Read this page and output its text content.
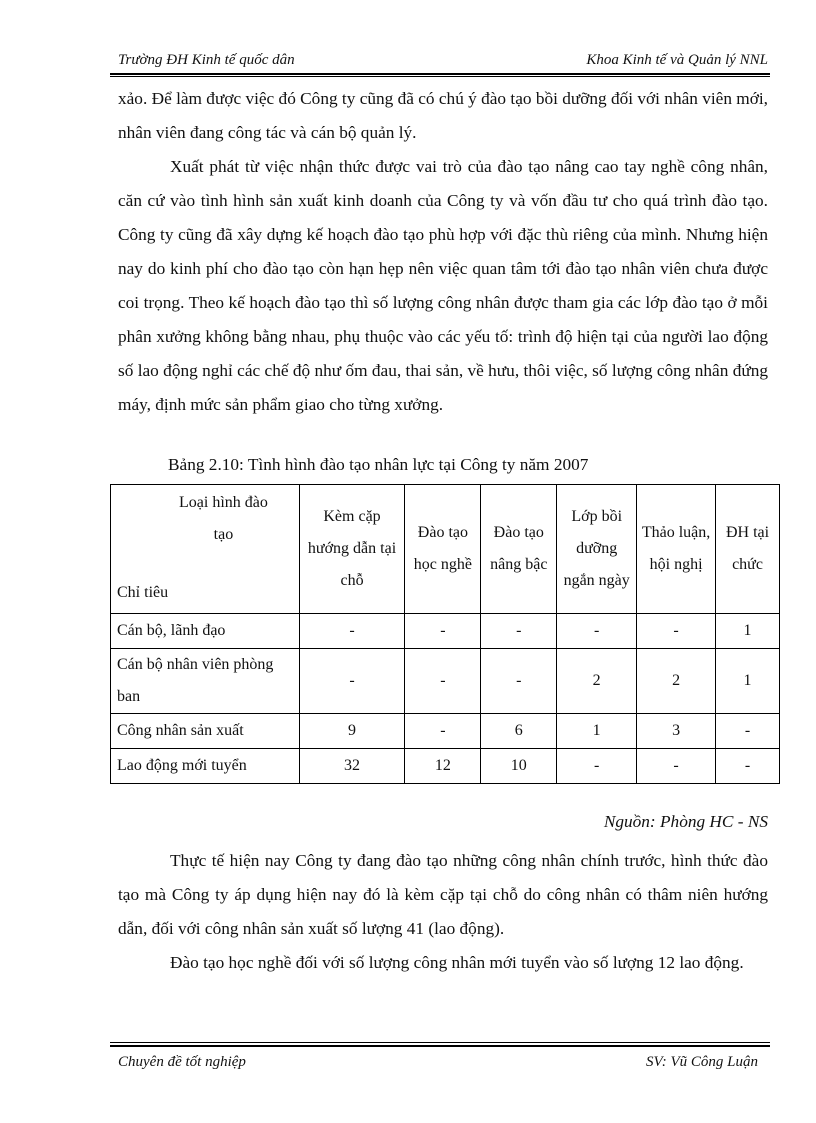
Trường ĐH Kinh tế quốc dân	Khoa Kinh tế và Quản lý NNL

xảo. Để làm được việc đó Công ty cũng đã có chú ý đào tạo bồi dưỡng đối với nhân viên mới, nhân viên đang công tác và cán bộ quản lý.

Xuất phát từ việc nhận thức được vai trò của đào tạo nâng cao tay nghề công nhân, căn cứ vào tình hình sản xuất kinh doanh của Công ty và vốn đầu tư cho quá trình đào tạo. Công ty cũng đã xây dựng kế hoạch đào tạo phù hợp với đặc thù riêng của mình. Nhưng hiện nay do kinh phí cho đào tạo còn hạn hẹp nên việc quan tâm tới đào tạo nhân viên chưa được coi trọng. Theo kế hoạch đào tạo thì số lượng công nhân được tham gia các lớp đào tạo ở mỗi phân xưởng không bằng nhau, phụ thuộc vào các yếu tố: trình độ hiện tại của người lao động số lao động nghỉ các chế độ như ốm đau, thai sản, về hưu, thôi việc, số lượng công nhân đứng máy, định mức sản phẩm giao cho từng xưởng.

Bảng 2.10: Tình hình đào tạo nhân lực tại Công ty năm 2007
Loại hình đào
tạo
Chỉ tiêu	Kèm cặp hướng dẫn tại chỗ	Đào tạo học nghề	Đào tạo nâng bậc	Lớp bồi dưỡng ngắn ngày	Thảo luận, hội nghị	ĐH tại chức
Cán bộ, lãnh đạo	-	-	-	-	-	1
Cán bộ nhân viên phòng ban	-	-	-	2	2	1
Công nhân sản xuất	9	-	6	1	3	-
Lao động mới tuyển	32	12	10	-	-	-
Nguồn: Phòng HC - NS

Thực tế hiện nay Công ty đang đào tạo những công nhân chính trước, hình thức đào tạo mà Công ty áp dụng hiện nay đó là kèm cặp tại chỗ do công nhân có thâm niên hướng dẫn, đối với công nhân sản xuất số lượng 41 (lao động).

Đào tạo học nghề đối với số lượng công nhân mới tuyển vào số lượng 12 lao động.

Chuyên đề tốt nghiệp	SV: Vũ Công Luận
